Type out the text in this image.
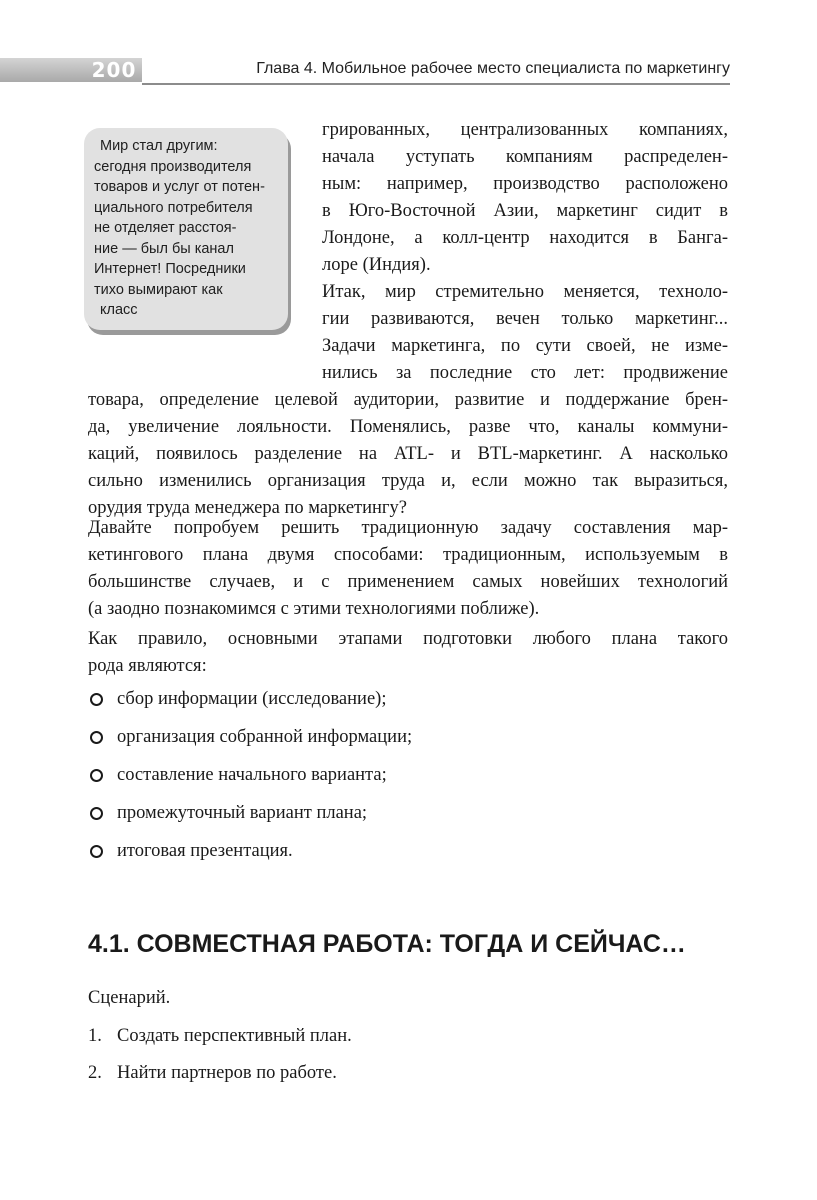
200	Глава 4. Мобильное рабочее место специалиста по маркетингу
Мир стал другим:
сегодня производителя
товаров и услуг от потен-
циального потребителя
не отделяет расстоя-
ние — был бы канал
Интернет! Посредники
тихо вымирают как
класс
грированных, централизованных компаниях,
начала уступать компаниям распределен-
ным: например, производство расположено
в Юго-Восточной Азии, маркетинг сидит в
Лондоне, а колл-центр находится в Банга-
лоре (Индия).
Итак, мир стремительно меняется, техноло-
гии развиваются, вечен только маркетинг...
Задачи маркетинга, по сути своей, не изме-
нились за последние сто лет: продвижение
товара, определение целевой аудитории, развитие и поддержание брен-
да, увеличение лояльности. Поменялись, разве что, каналы коммуни-
каций, появилось разделение на ATL- и BTL-маркетинг. А насколько
сильно изменились организация труда и, если можно так выразиться,
орудия труда менеджера по маркетингу?
Давайте попробуем решить традиционную задачу составления мар-
кетингового плана двумя способами: традиционным, используемым в
большинстве случаев, и с применением самых новейших технологий
(а заодно познакомимся с этими технологиями поближе).
Как правило, основными этапами подготовки любого плана такого
рода являются:
сбор информации (исследование);
организация собранной информации;
составление начального варианта;
промежуточный вариант плана;
итоговая презентация.
4.1. СОВМЕСТНАЯ РАБОТА: ТОГДА И СЕЙЧАС…
Сценарий.
1. Создать перспективный план.
2. Найти партнеров по работе.
